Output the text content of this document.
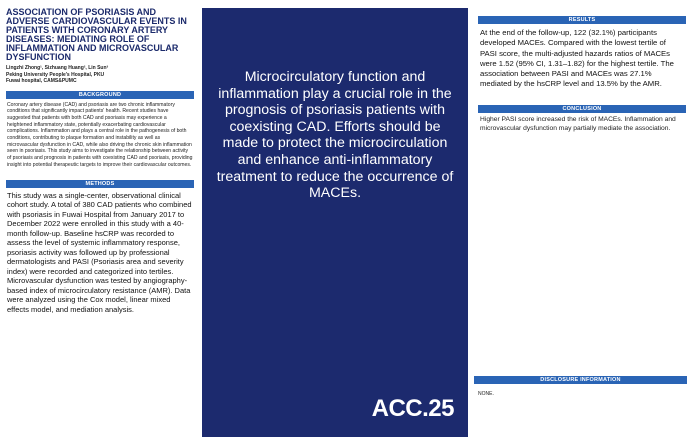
ASSOCIATION OF PSORIASIS AND ADVERSE CARDIOVASCULAR EVENTS IN PATIENTS WITH CORONARY ARTERY DISEASES: MEDIATING ROLE OF INFLAMMATION AND MICROVASCULAR DYSFUNCTION
Lingzhi Zhong¹, Sizhuang Huang², Lin Sun³
Peking University People's Hospital, PKU
Fuwai hospital, CAMS&PUMC
BACKGROUND
Coronary artery disease (CAD) and psoriasis are two chronic inflammatory conditions that significantly impact patients' health. Recent studies have suggested that patients with both CAD and psoriasis may experience a heightened inflammatory state, potentially exacerbating cardiovascular complications. Inflammation and plays a central role in the pathogenesis of both conditions, contributing to plaque formation and instability as well as microvascular dysfunction in CAD, while also driving the chronic skin inflammation seen in psoriasis. This study aims to investigate the relationship between activity of psoriasis and prognosis in patients with coexisting CAD and psoriasis, providing insight into potential therapeutic targets to improve their cardiovascular outcomes.
METHODS
This study was a single-center, observational clinical cohort study. A total of 380 CAD patients who combined with psoriasis in Fuwai Hospital from January 2017 to December 2022 were enrolled in this study with a 40-month follow-up. Baseline hsCRP was recorded to assess the level of systemic inflammatory response, psoriasis activity was followed up by professional dermatologists and PASI (Psoriasis area and severity index) were recorded and categorized into tertiles. Microvascular dysfunction was tested by angiography-based index of microcirculatory resistance (AMR). Data were analyzed using the Cox model, linear mixed effects model, and mediation analysis.
Microcirculatory function and inflammation play a crucial role in the prognosis of psoriasis patients with coexisting CAD. Efforts should be made to protect the microcirculation and enhance anti-inflammatory treatment to reduce the occurrence of MACEs.
ACC.25
RESULTS
At the end of the follow-up, 122 (32.1%) participants developed MACEs. Compared with the lowest tertile of PASI score, the multi-adjusted hazards ratios of MACEs were 1.52 (95% CI, 1.31–1.82) for the highest tertile. The association between PASI and MACEs was 27.1% mediated by the hsCRP level and 13.5% by the AMR.
CONCLUSION
Higher PASI score increased the risk of MACEs. Inflammation and microvascular dysfunction may partially mediate the association.
DISCLOSURE INFORMATION
NONE.
